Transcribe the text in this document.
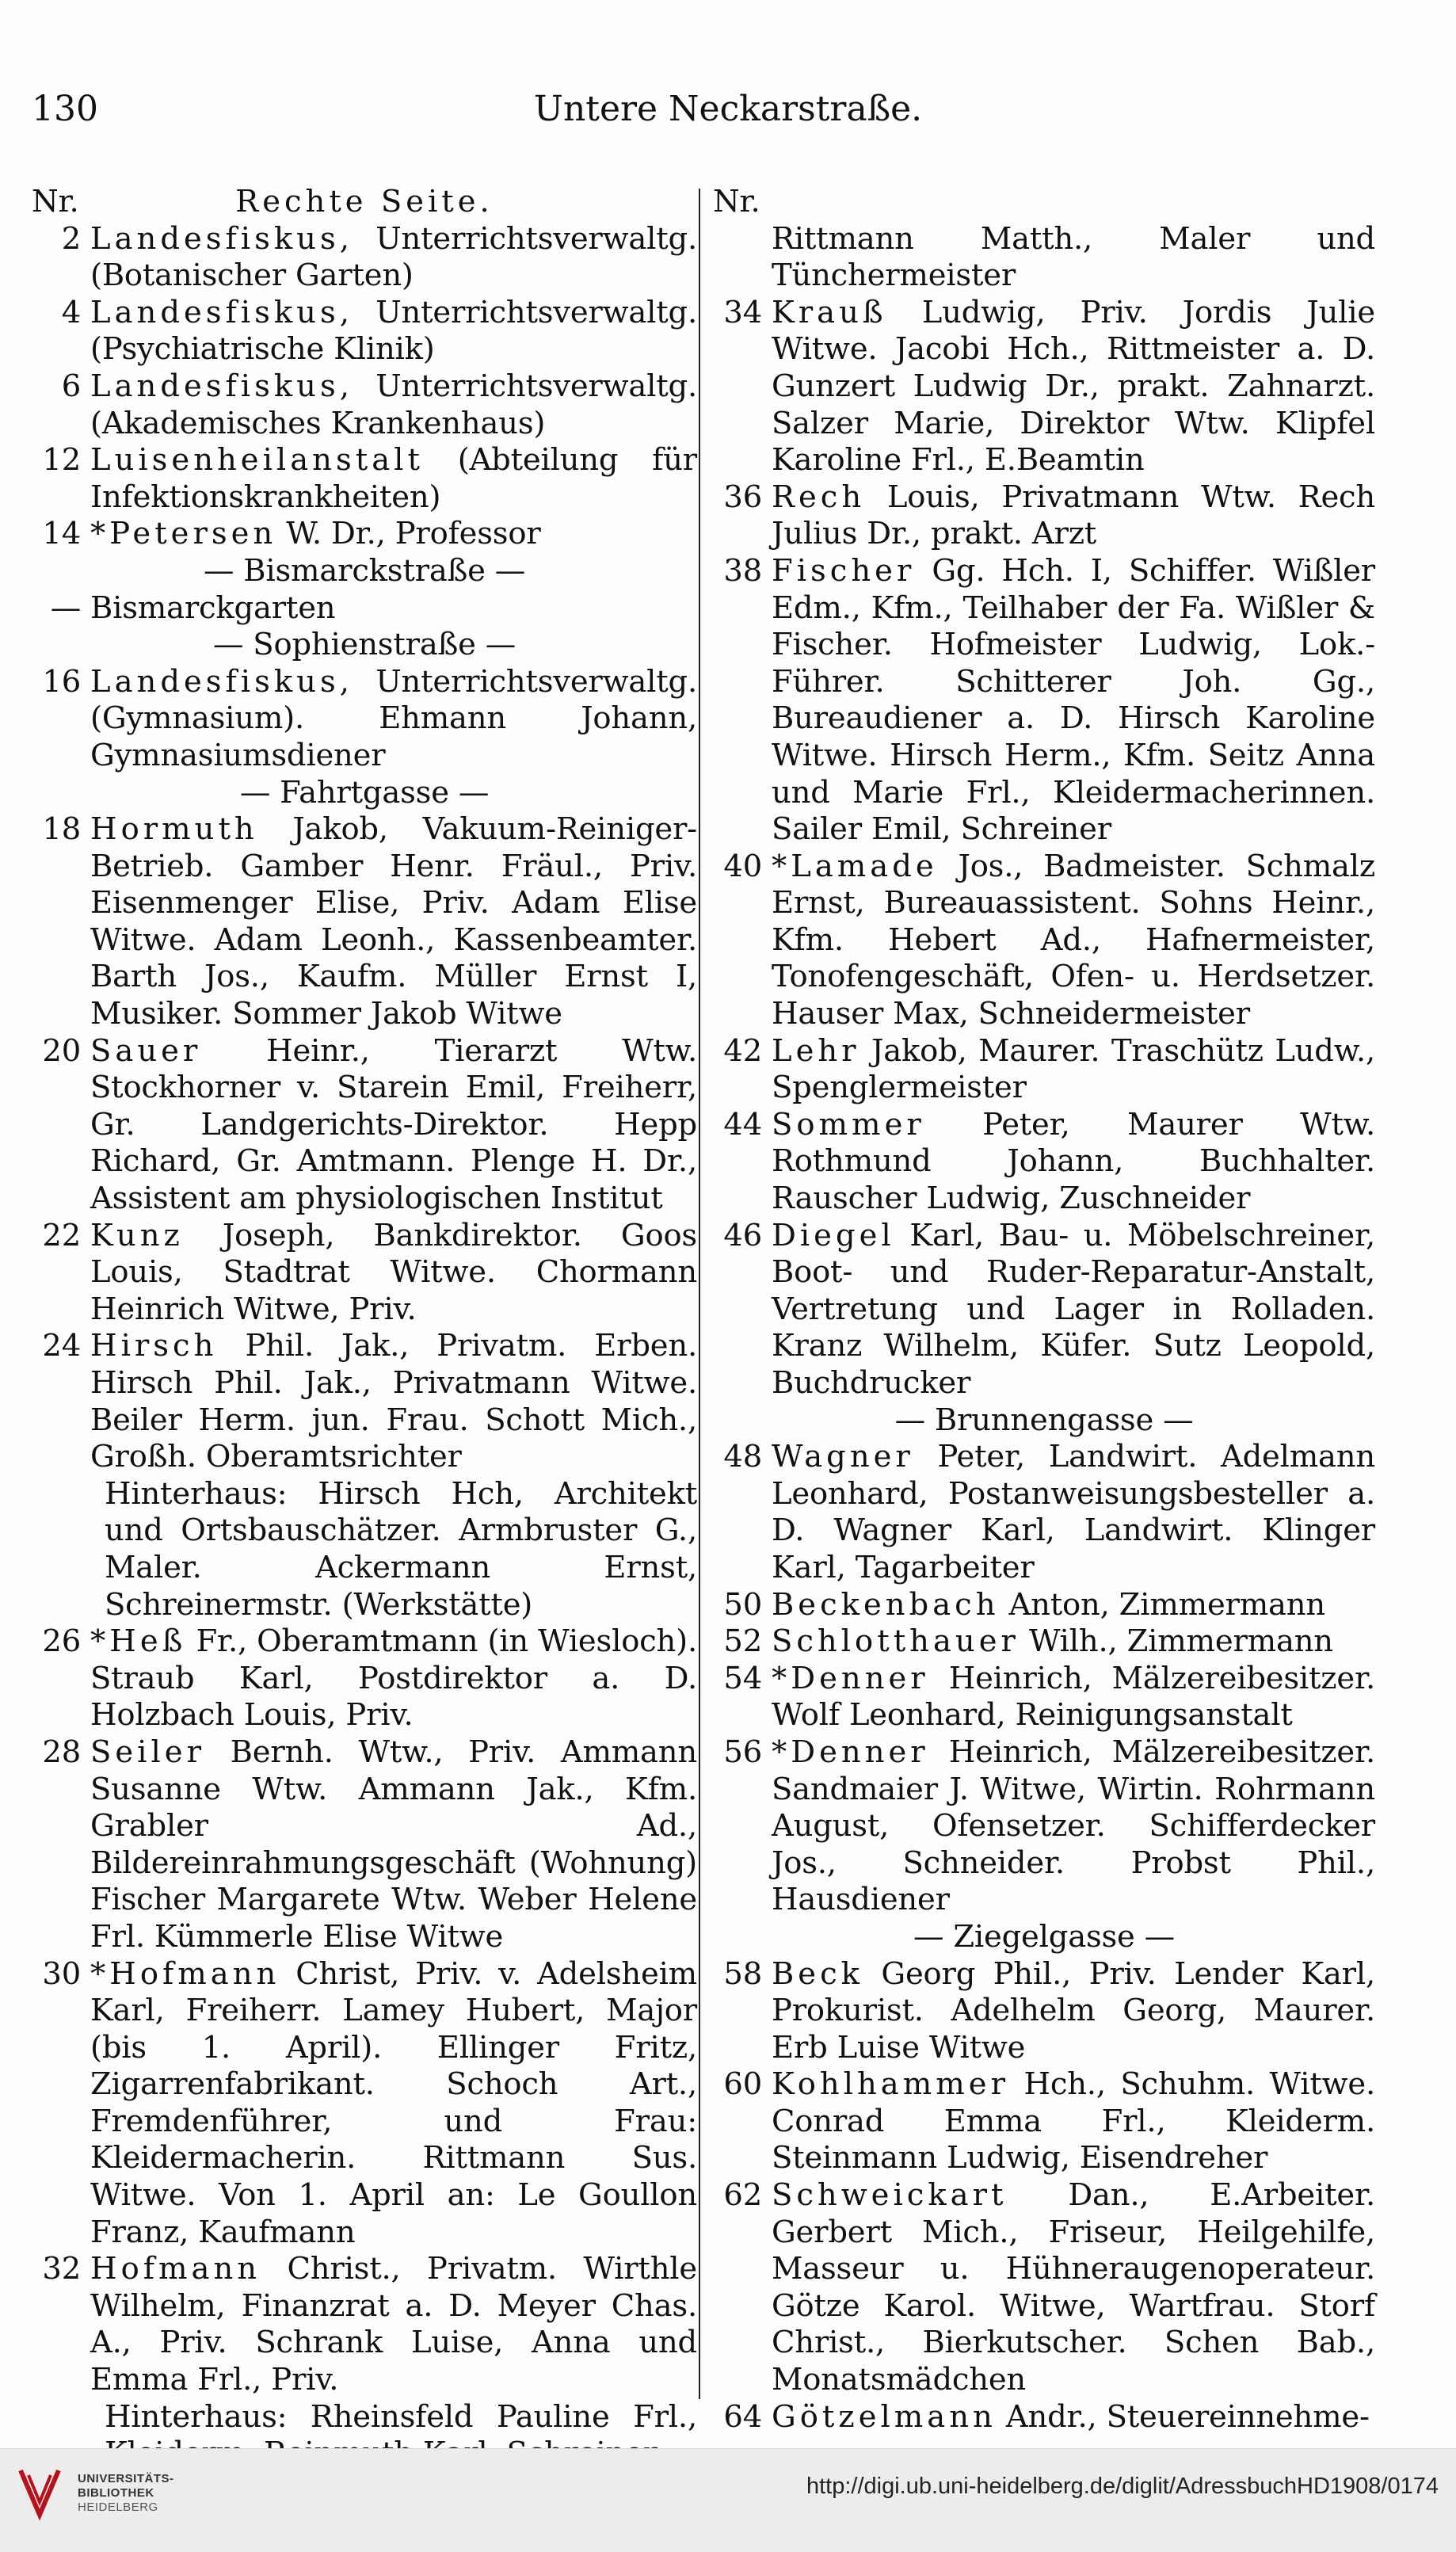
130	Untere Neckarstraße.
Nr.	Rechte Seite.
2 Landesfiskus, Unterrichtsverwaltg. (Botanischer Garten)
4 Landesfiskus, Unterrichtsverwaltg. (Psychiatrische Klinik)
6 Landesfiskus, Unterrichtsverwaltg. (Akademisches Krankenhaus)
12 Luisenheilanstalt (Abteilung für Infektionskrankheiten)
14 *Petersen W. Dr., Professor
— Bismarckstraße —
— Bismarckgarten
— Sophienstraße —
16 Landesfiskus, Unterrichtsverwaltg. (Gymnasium). Ehmann Johann, Gymnasiumsdiener
— Fahrtgasse —
18 Hormuth Jakob, Vakuum-Reiniger-Betrieb. Gamber Henr. Fräul., Priv. Eisenmenger Elise, Priv. Adam Elise Witwe. Adam Leonh., Kassenbeamter. Barth Jos., Kaufm. Müller Ernst I, Musiker. Sommer Jakob Witwe
20 Sauer Heinr., Tierarzt Wtw. Stockhorner v. Starein Emil, Freiherr, Gr. Landgerichts-Direktor. Hepp Richard, Gr. Amtmann. Plenge H. Dr., Assistent am physiologischen Institut
22 Kunz Joseph, Bankdirektor. Goos Louis, Stadtrat Witwe. Chormann Heinrich Witwe, Priv.
24 Hirsch Phil. Jak., Privatm. Erben. Hirsch Phil. Jak., Privatmann Witwe. Beiler Herm. jun. Frau. Schott Mich., Großh. Oberamtsrichter
Hinterhaus: Hirsch Hch, Architekt und Ortsbauschätzer. Armbruster G., Maler. Ackermann Ernst, Schreinermstr. (Werkstätte)
26 *Heß Fr., Oberamtmann (in Wiesloch). Straub Karl, Postdirektor a. D. Holzbach Louis, Priv.
28 Seiler Bernh. Wtw., Priv. Ammann Susanne Wtw. Ammann Jak., Kfm. Grabler Ad., Bildereinrahmungsgeschäft (Wohnung) Fischer Margarete Wtw. Weber Helene Frl. Kümmerle Elise Witwe
30 *Hofmann Christ, Priv. v. Adelsheim Karl, Freiherr. Lamey Hubert, Major (bis 1. April). Ellinger Fritz, Zigarrenfabrikant. Schoch Art., Fremdenführer, und Frau: Kleidermacherin. Rittmann Sus. Witwe. Von 1. April an: Le Goullon Franz, Kaufmann
32 Hofmann Christ., Privatm. Wirthle Wilhelm, Finanzrat a. D. Meyer Chas. A., Priv. Schrank Luise, Anna und Emma Frl., Priv.
Hinterhaus: Rheinsfeld Pauline Frl.,
Nr.
Rittmann Matth., Maler und Tünchermeister
34 Krauß Ludwig, Priv. Jordis Julie Witwe. Jacobi Hch., Rittmeister a. D. Gunzert Ludwig Dr., prakt. Zahnarzt. Salzer Marie, Direktor Wtw. Klipfel Karoline Frl., E.Beamtin
36 Rech Louis, Privatmann Wtw. Rech Julius Dr., prakt. Arzt
38 Fischer Gg. Hch. I, Schiffer. Wißler Edm., Kfm., Teilhaber der Fa. Wißler & Fischer. Hofmeister Ludwig, Lok.-Führer. Schitterer Joh. Gg., Bureaudiener a. D. Hirsch Karoline Witwe. Hirsch Herm., Kfm. Seitz Anna und Marie Frl., Kleidermacherinnen. Sailer Emil, Schreiner
40 *Lamade Jos., Badmeister. Schmalz Ernst, Bureauassistent. Sohns Heinr., Kfm. Hebert Ad., Hafnermeister, Tonofengeschäft, Ofen- u. Herdsetzer. Hauser Max, Schneidermeister
42 Lehr Jakob, Maurer. Traschütz Ludw., Spenglermeister
44 Sommer Peter, Maurer Wtw. Rothmund Johann, Buchhalter. Rauscher Ludwig, Zuschneider
46 Diegel Karl, Bau- u. Möbelschreiner, Boot- und Ruder-Reparatur-Anstalt, Vertretung und Lager in Rolladen. Kranz Wilhelm, Küfer. Sutz Leopold, Buchdrucker
— Brunnengasse —
48 Wagner Peter, Landwirt. Adelmann Leonhard, Postanweisungsbesteller a. D. Wagner Karl, Landwirt. Klinger Karl, Tagarbeiter
50 Beckenbach Anton, Zimmermann
52 Schlotthauer Wilh., Zimmermann
54 *Denner Heinrich, Mälzereibesitzer. Wolf Leonhard, Reinigungsanstalt
56 *Denner Heinrich, Mälzereibesitzer. Sandmaier J. Witwe, Wirtin. Rohrmann August, Ofensetzer. Schifferdecker Jos., Schneider. Probst Phil., Hausdiener
— Ziegelgasse —
58 Beck Georg Phil., Priv. Lender Karl, Prokurist. Adelhelm Georg, Maurer. Erb Luise Witwe
60 Kohlhammer Hch., Schuhm. Witwe. Conrad Emma Frl., Kleiderm. Steinmann Ludwig, Eisendreher
62 Schweickart Dan., E.Arbeiter. Gerbert Mich., Friseur, Heilgehilfe, Masseur u. Hühneraugenoperateur. Götze Karol. Witwe, Wartfrau. Storf Christ., Bierkutscher. Schen Bab., Monatsmädchen
64 Götzelmann Andr., Steuereinnehme-
UNIVERSITÄTS-
BIBLIOTHEK
HEIDELBERG
http://digi.ub.uni-heidelberg.de/diglit/AdressbuchHD1908/0174
